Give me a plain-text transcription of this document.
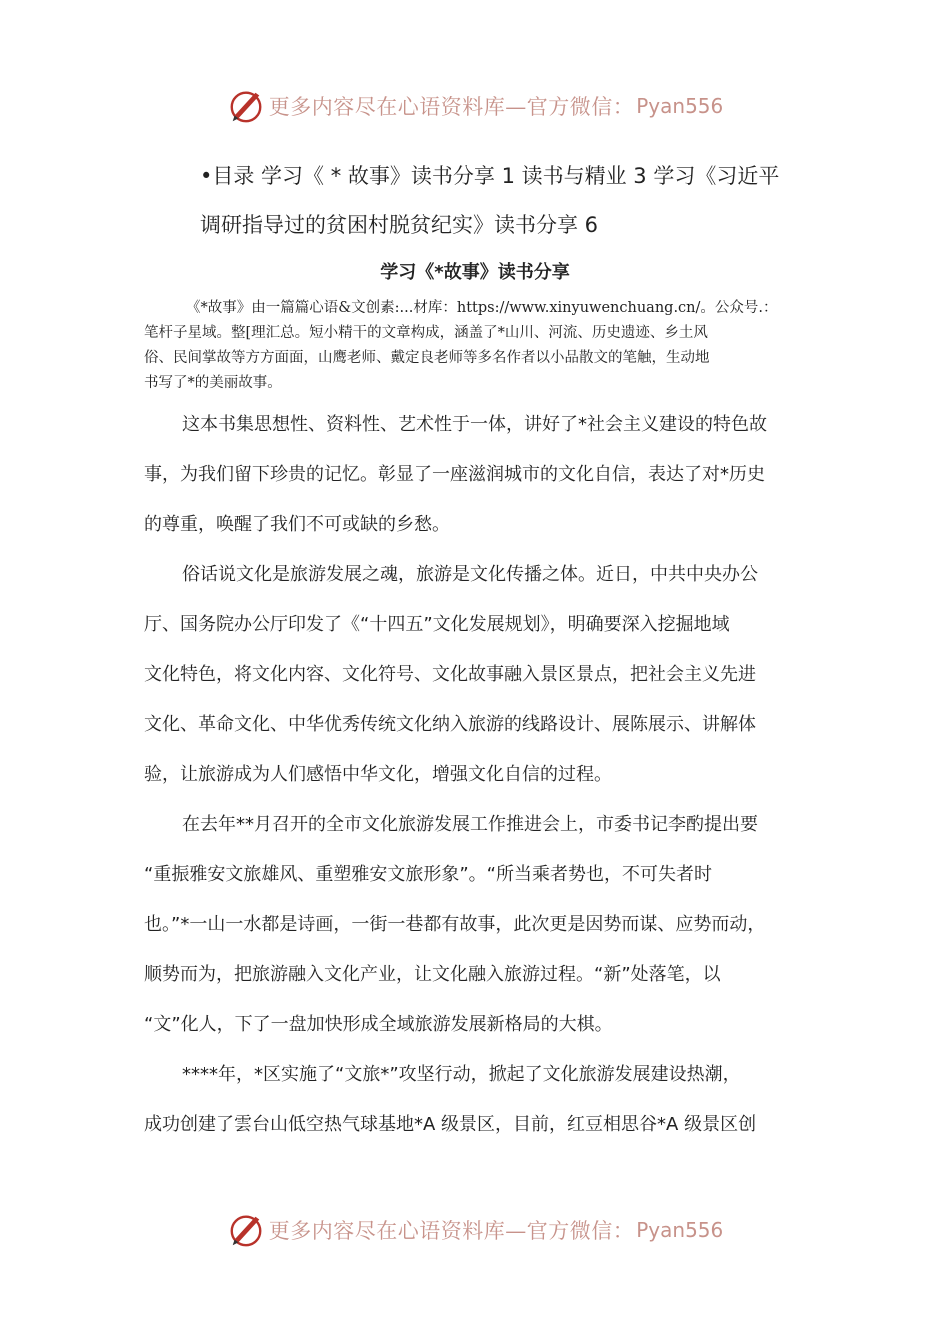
更多内容尽在心语资料库—官方微信： Pyan556
•目录 学习《 * 故事》读书分享 1 读书与精业 3 学习《习近平
调研指导过的贫困村脱贫纪实》读书分享 6
学习《*故事》读书分享
《*故事》由一篇篇心语&文创素:...材库：https://www.xinyuwenchuang.cn/。公众号.：
笔杆子星域。整[理汇总。短小精干的文章构成，涵盖了*山川、河流、历史遗迹、乡土风
俗、民间掌故等方方面面，山鹰老师、戴定良老师等多名作者以小品散文的笔触，生动地
书写了*的美丽故事。
这本书集思想性、资料性、艺术性于一体，讲好了*社会主义建设的特色故
事，为我们留下珍贵的记忆。彰显了一座滋润城市的文化自信，表达了对*历史
的尊重，唤醒了我们不可或缺的乡愁。
俗话说文化是旅游发展之魂，旅游是文化传播之体。近日，中共中央办公
厅、国务院办公厅印发了《“十四五”文化发展规划》，明确要深入挖掘地域
文化特色，将文化内容、文化符号、文化故事融入景区景点，把社会主义先进
文化、革命文化、中华优秀传统文化纳入旅游的线路设计、展陈展示、讲解体
验，让旅游成为人们感悟中华文化，增强文化自信的过程。
在去年**月召开的全市文化旅游发展工作推进会上，市委书记李酌提出要
“重振雅安文旅雄风、重塑雅安文旅形象”。“所当乘者势也，不可失者时
也。”*一山一水都是诗画，一街一巷都有故事，此次更是因势而谋、应势而动，
顺势而为，把旅游融入文化产业，让文化融入旅游过程。“新”处落笔，以
“文”化人，下了一盘加快形成全域旅游发展新格局的大棋。
****年，*区实施了“文旅*”攻坚行动，掀起了文化旅游发展建设热潮，
成功创建了雲台山低空热气球基地*A 级景区，目前，红豆相思谷*A 级景区创
更多内容尽在心语资料库—官方微信： Pyan556
